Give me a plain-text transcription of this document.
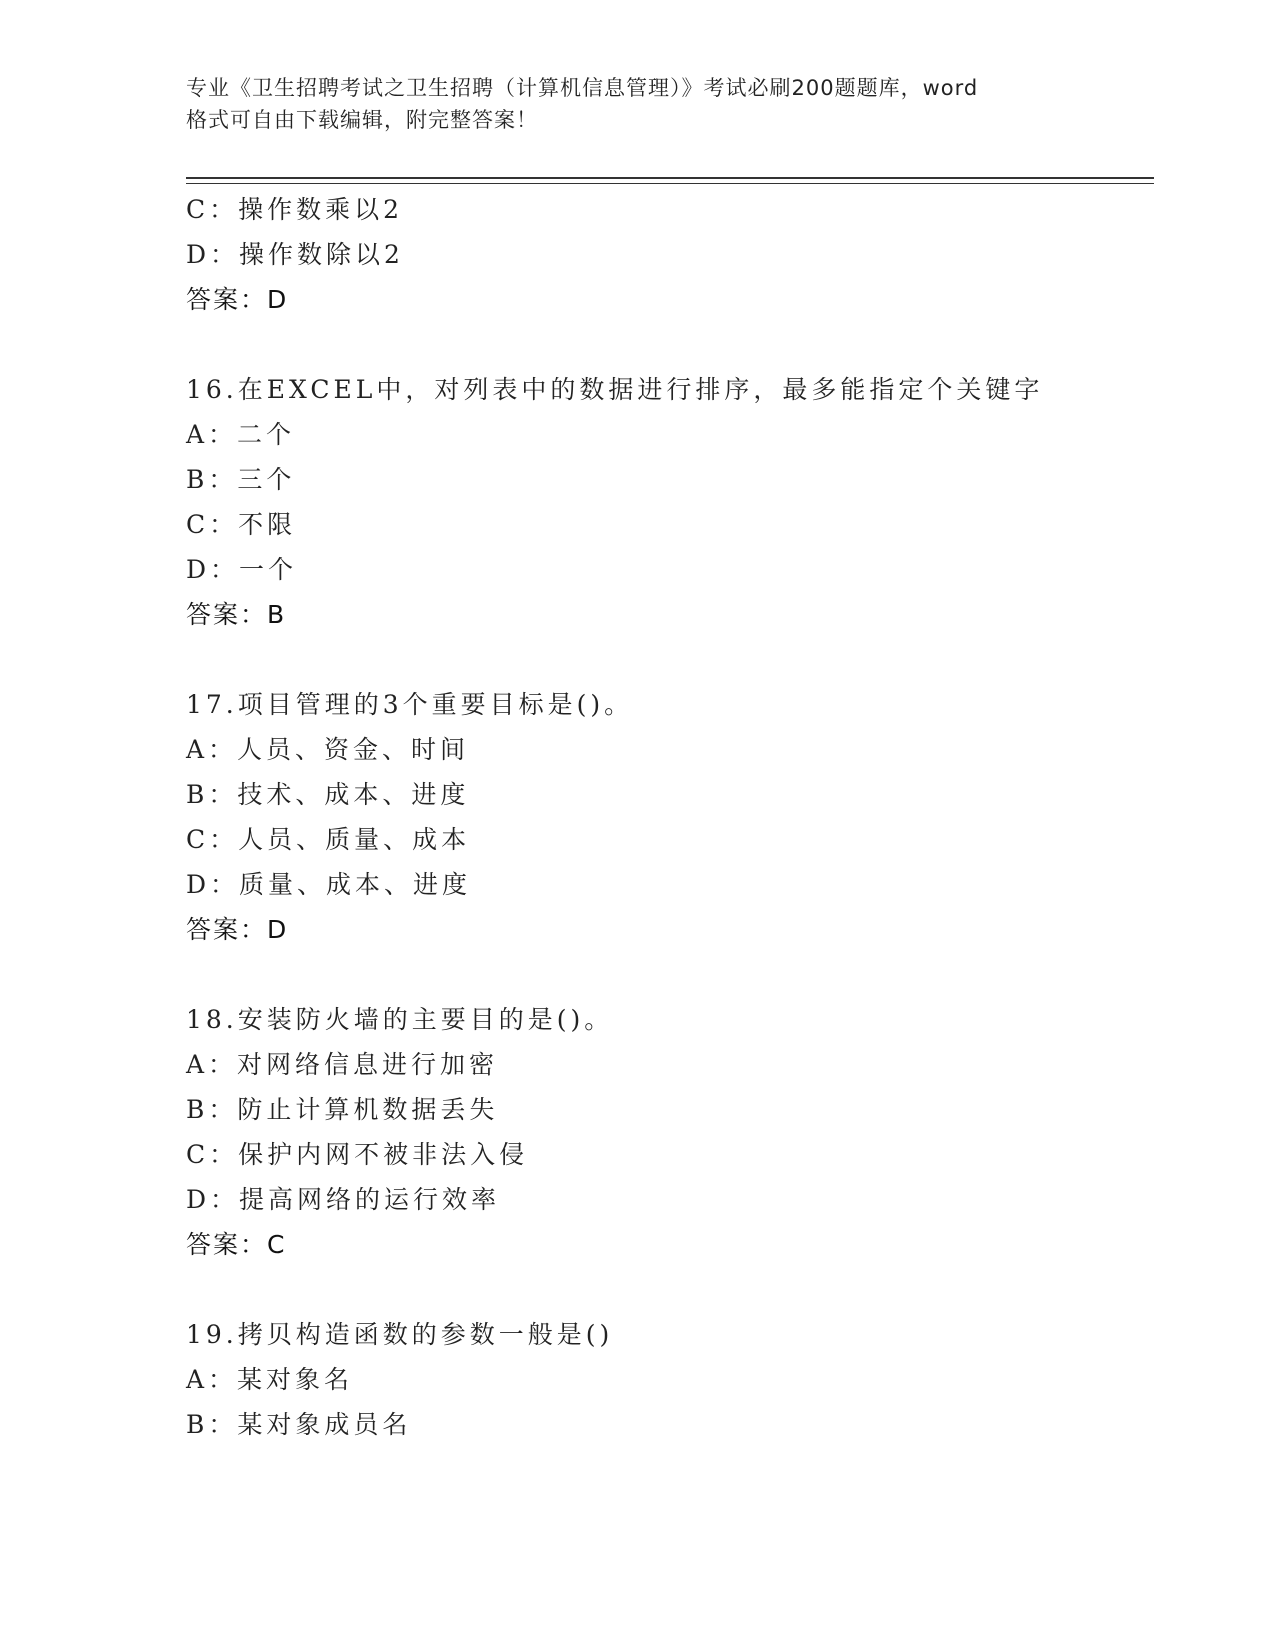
专业《卫生招聘考试之卫生招聘（计算机信息管理）》考试必刷200题题库，word
格式可自由下载编辑，附完整答案！
C：操作数乘以2
D：操作数除以2
答案：D
16.在EXCEL中，对列表中的数据进行排序，最多能指定个关键字
A：二个
B：三个
C：不限
D：一个
答案：B
17.项目管理的3个重要目标是()。
A：人员、资金、时间
B：技术、成本、进度
C：人员、质量、成本
D：质量、成本、进度
答案：D
18.安装防火墙的主要目的是()。
A：对网络信息进行加密
B：防止计算机数据丢失
C：保护内网不被非法入侵
D：提高网络的运行效率
答案：C
19.拷贝构造函数的参数一般是()
A：某对象名
B：某对象成员名
